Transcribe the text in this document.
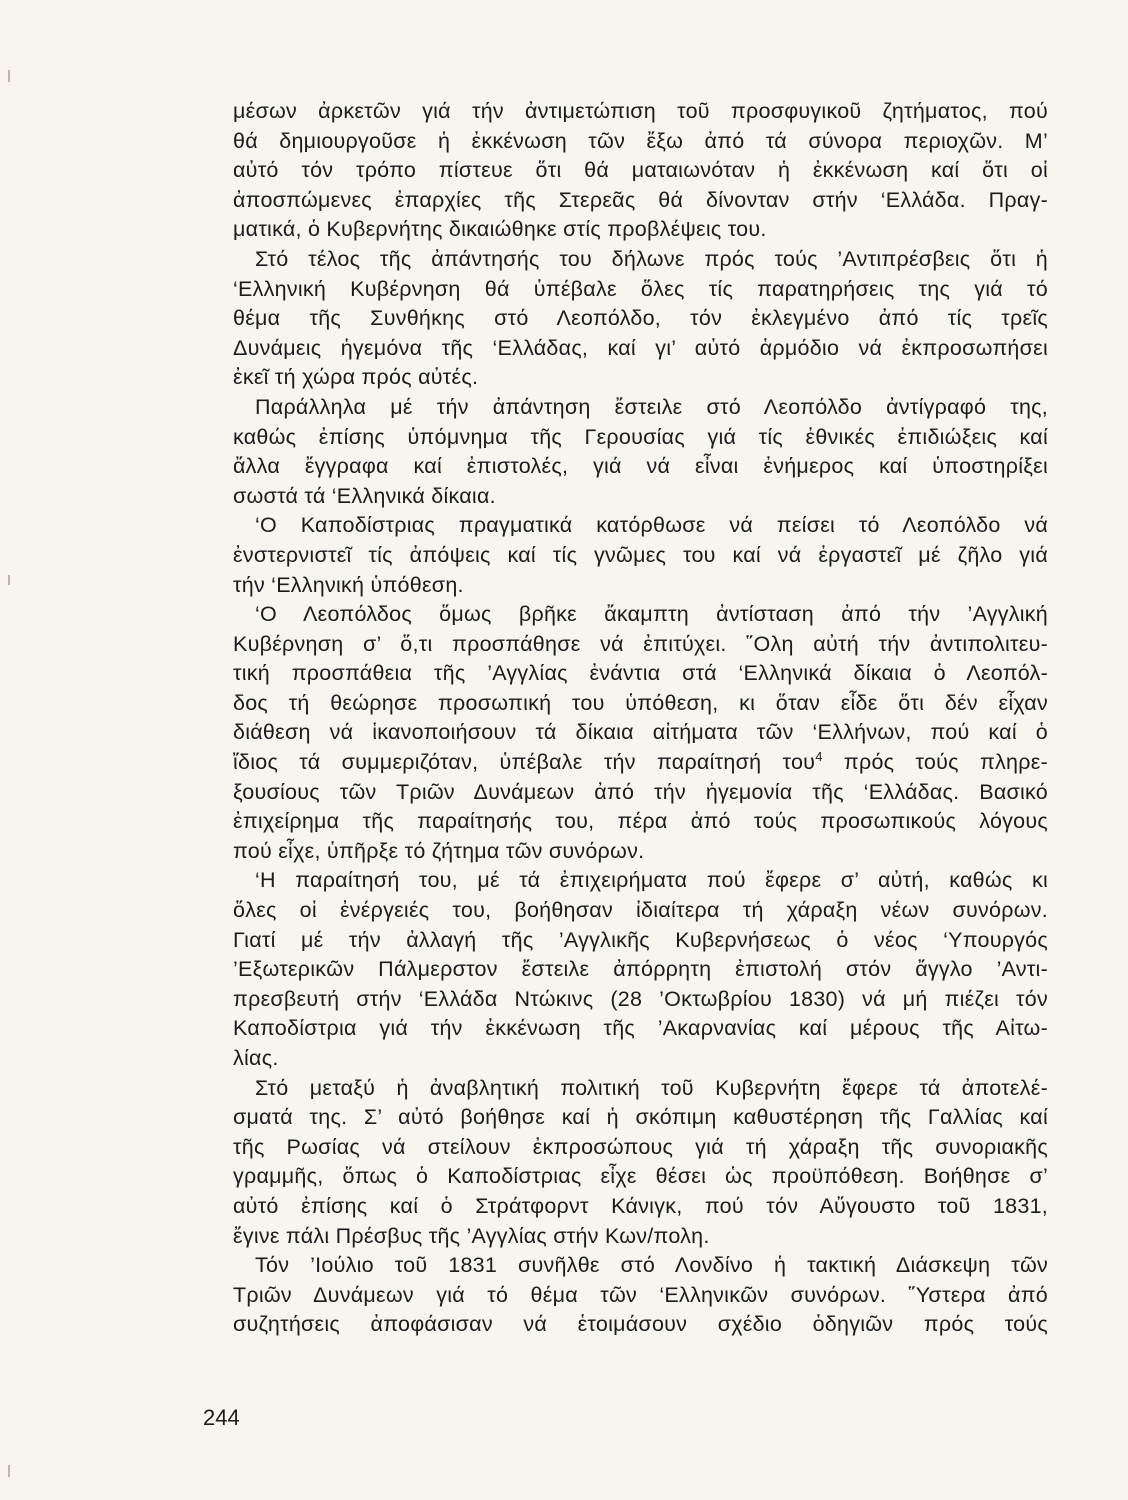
μέσων ἀρκετῶν γιά τήν ἀντιμετώπιση τοῦ προσφυγικοῦ ζητήματος, πού
θά δημιουργοῦσε ἡ ἐκκένωση τῶν ἔξω ἀπό τά σύνορα περιοχῶν. Μ’
αὐτό τόν τρόπο πίστευε ὅτι θά ματαιωνόταν ἡ ἐκκένωση καί ὅτι οἱ
ἀποσπώμενες ἐπαρχίες τῆς Στερεᾶς θά δίνονταν στήν ‘Ελλάδα. Πραγ-
ματικά, ὁ Κυβερνήτης δικαιώθηκε στίς προβλέψεις του.
Στό τέλος τῆς ἀπάντησής του δήλωνε πρός τούς ’Αντιπρέσβεις ὅτι ἡ
‘Ελληνική Κυβέρνηση θά ὑπέβαλε ὅλες τίς παρατηρήσεις της γιά τό
θέμα τῆς Συνθήκης στό Λεοπόλδο, τόν ἐκλεγμένο ἀπό τίς τρεῖς
Δυνάμεις ἡγεμόνα τῆς ‘Ελλάδας, καί γι’ αὐτό ἁρμόδιο νά ἐκπροσωπήσει
ἐκεῖ τή χώρα πρός αὐτές.
Παράλληλα μέ τήν ἀπάντηση ἔστειλε στό Λεοπόλδο ἀντίγραφό της,
καθώς ἐπίσης ὑπόμνημα τῆς Γερουσίας γιά τίς ἐθνικές ἐπιδιώξεις καί
ἄλλα ἔγγραφα καί ἐπιστολές, γιά νά εἶναι ἐνήμερος καί ὑποστηρίξει
σωστά τά ‘Ελληνικά δίκαια.
‘Ο Καποδίστριας πραγματικά κατόρθωσε νά πείσει τό Λεοπόλδο νά
ἐνστερνιστεῖ τίς ἀπόψεις καί τίς γνῶμες του καί νά ἐργαστεῖ μέ ζῆλο γιά
τήν ‘Ελληνική ὑπόθεση.
‘Ο Λεοπόλδος ὅμως βρῆκε ἄκαμπτη ἀντίσταση ἀπό τήν ’Αγγλική
Κυβέρνηση σ’ ὅ,τι προσπάθησε νά ἐπιτύχει. ῞Ολη αὐτή τήν ἀντιπολιτευ-
τική προσπάθεια τῆς ’Αγγλίας ἐνάντια στά ‘Ελληνικά δίκαια ὁ Λεοπόλ-
δος τή θεώρησε προσωπική του ὑπόθεση, κι ὅταν εἶδε ὅτι δέν εἶχαν
διάθεση νά ἱκανοποιήσουν τά δίκαια αἰτήματα τῶν ‘Ελλήνων, πού καί ὁ
ἴδιος τά συμμεριζόταν, ὑπέβαλε τήν παραίτησή του$^4$ πρός τούς πληρε-
ξουσίους τῶν Τριῶν Δυνάμεων ἀπό τήν ἡγεμονία τῆς ‘Ελλάδας. Βασικό
ἐπιχείρημα τῆς παραίτησής του, πέρα ἀπό τούς προσωπικούς λόγους
πού εἶχε, ὑπῆρξε τό ζήτημα τῶν συνόρων.
‘Η παραίτησή του, μέ τά ἐπιχειρήματα πού ἔφερε σ’ αὐτή, καθώς κι
ὅλες οἱ ἐνέργειές του, βοήθησαν ἰδιαίτερα τή χάραξη νέων συνόρων.
Γιατί μέ τήν ἀλλαγή τῆς ’Αγγλικῆς Κυβερνήσεως ὁ νέος ‘Υπουργός
’Εξωτερικῶν Πάλμερστον ἔστειλε ἀπόρρητη ἐπιστολή στόν ἄγγλο ’Αντι-
πρεσβευτή στήν ‘Ελλάδα Ντώκινς (28 ’Οκτωβρίου 1830) νά μή πιέζει τόν
Καποδίστρια γιά τήν ἐκκένωση τῆς ’Ακαρνανίας καί μέρους τῆς Αἰτω-
λίας.
Στό μεταξύ ἡ ἀναβλητική πολιτική τοῦ Κυβερνήτη ἔφερε τά ἀποτελέ-
σματά της. Σ’ αὐτό βοήθησε καί ἡ σκόπιμη καθυστέρηση τῆς Γαλλίας καί
τῆς Ρωσίας νά στείλουν ἐκπροσώπους γιά τή χάραξη τῆς συνοριακῆς
γραμμῆς, ὅπως ὁ Καποδίστριας εἶχε θέσει ὡς προϋπόθεση. Βοήθησε σ’
αὐτό ἐπίσης καί ὁ Στράτφορντ Κάνιγκ, πού τόν Αὔγουστο τοῦ 1831,
ἔγινε πάλι Πρέσβυς τῆς ’Αγγλίας στήν Κων/πολη.
Τόν ’Ιούλιο τοῦ 1831 συνῆλθε στό Λονδίνο ἡ τακτική Διάσκεψη τῶν
Τριῶν Δυνάμεων γιά τό θέμα τῶν ‘Ελληνικῶν συνόρων. ῞Υστερα ἀπό
συζητήσεις ἀποφάσισαν νά ἑτοιμάσουν σχέδιο ὁδηγιῶν πρός τούς
244
